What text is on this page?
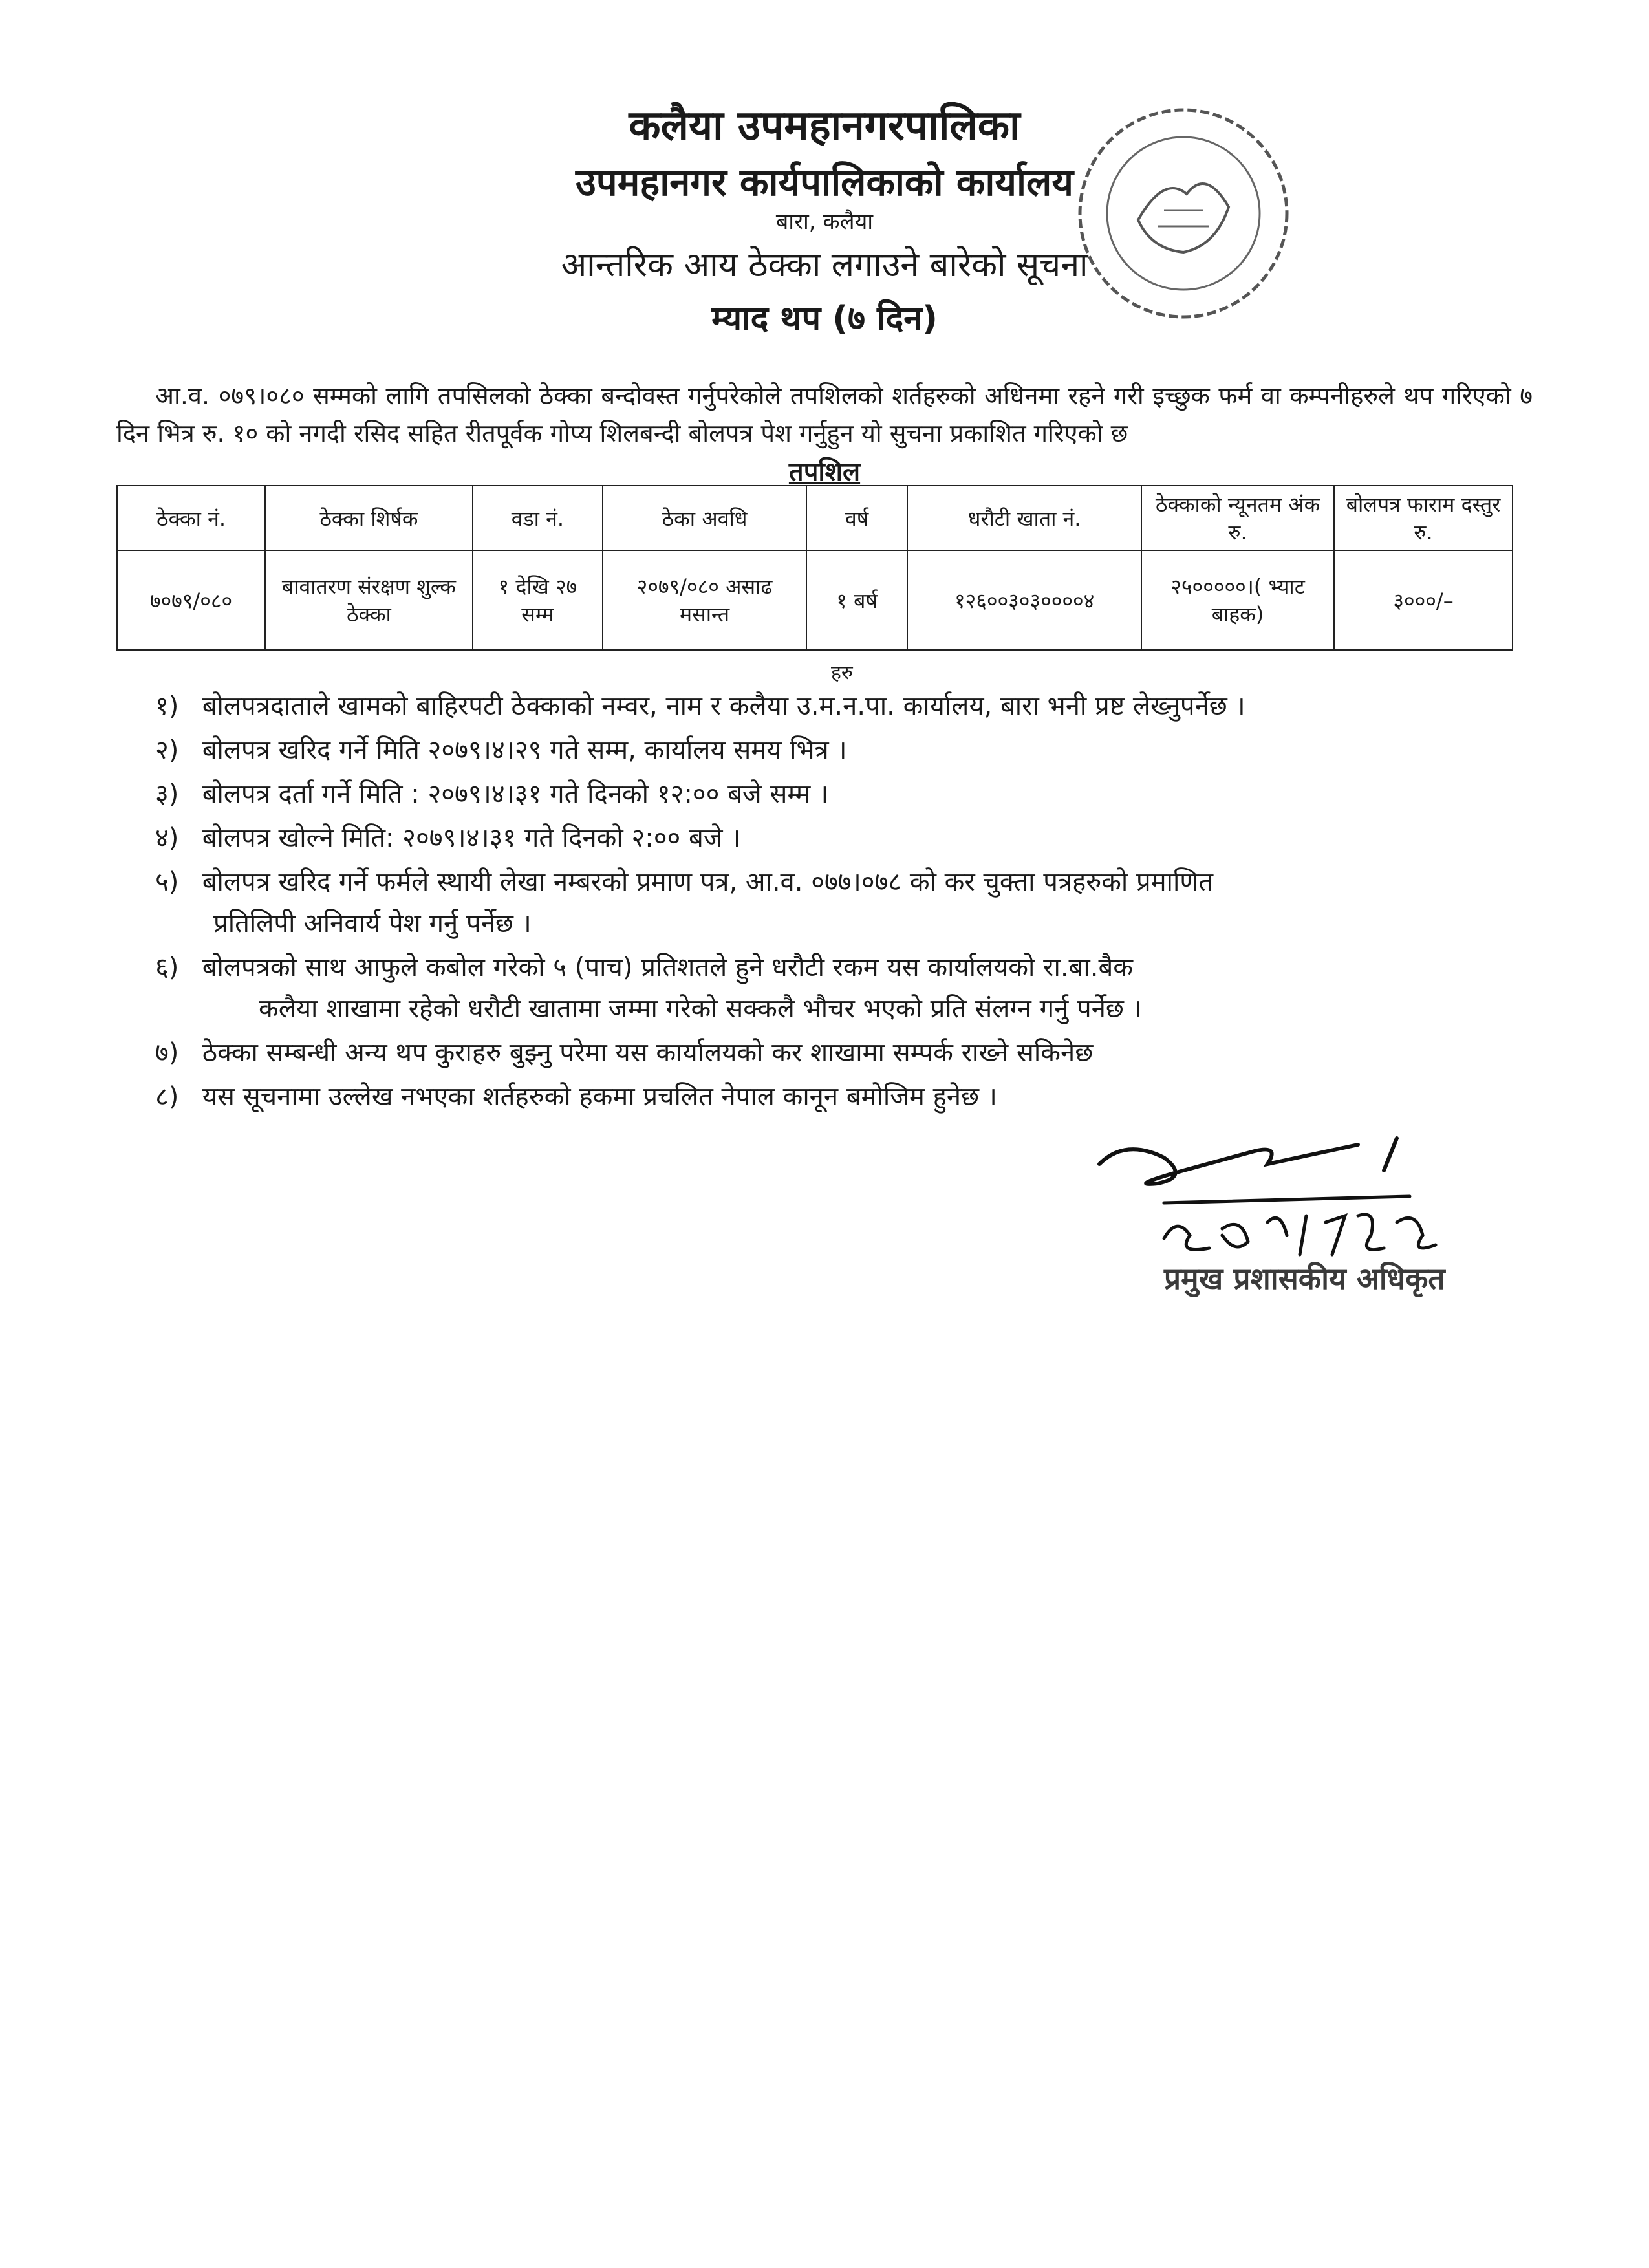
कलैया उपमहानगरपालिका
उपमहानगर कार्यपालिकाको कार्यालय
बारा, कलैया
आन्तरिक आय ठेक्का लगाउने बारेको सूचना
म्याद थप (७ दिन)

आ.व. ०७९।०८० सम्मको लागि तपसिलको ठेक्का बन्दोवस्त गर्नुपरेकोले तपशिलको शर्तहरुको अधिनमा रहने गरी इच्छुक फर्म वा कम्पनीहरुले थप गरिएको ७ दिन भित्र रु. १० को नगदी रसिद सहित रीतपूर्वक गोप्य शिलबन्दी बोलपत्र पेश गर्नुहुन यो सुचना प्रकाशित गरिएको छ

तपशिल
ठेक्का नं.	ठेक्का शिर्षक	वडा नं.	ठेका अवधि	वर्ष	धरौटी खाता नं.	ठेक्काको न्यूनतम अंक रु.	बोलपत्र फाराम दस्तुर रु.
७०७९/०८०	बावातरण संरक्षण शुल्क ठेक्का	१ देखि २७ सम्म	२०७९/०८० असाढ मसान्त	१ बर्ष	१२६००३०३००००४	२५०००००।( भ्याट बाहक)	३०००/–
हरु
१) बोलपत्रदाताले खामको बाहिरपटी ठेक्काको नम्वर, नाम र कलैया उ.म.न.पा. कार्यालय, बारा भनी प्रष्ट लेख्नुपर्नेछ ।
२) बोलपत्र खरिद गर्ने मिति २०७९।४।२९ गते सम्म, कार्यालय समय भित्र ।
३) बोलपत्र दर्ता गर्ने मिति : २०७९।४।३१ गते दिनको १२:०० बजे सम्म ।
४) बोलपत्र खोल्ने मिति: २०७९।४।३१ गते दिनको २:०० बजे ।
५) बोलपत्र खरिद गर्ने फर्मले स्थायी लेखा नम्बरको प्रमाण पत्र, आ.व. ०७७।०७८ को कर चुक्ता पत्रहरुको प्रमाणित
प्रतिलिपी अनिवार्य पेश गर्नु पर्नेछ ।
६) बोलपत्रको साथ आफुले कबोल गरेको ५ (पाच) प्रतिशतले हुने धरौटी रकम यस कार्यालयको रा.बा.बैक
कलैया शाखामा रहेको धरौटी खातामा जम्मा गरेको सक्कलै भौचर भएको प्रति संलग्न गर्नु पर्नेछ ।
७) ठेक्का सम्बन्धी अन्य थप कुराहरु बुझ्नु परेमा यस कार्यालयको कर शाखामा सम्पर्क राख्ने सकिनेछ
८) यस सूचनामा उल्लेख नभएका शर्तहरुको हकमा प्रचलित नेपाल कानून बमोजिम हुनेछ ।
प्रमुख प्रशासकीय अधिकृत
